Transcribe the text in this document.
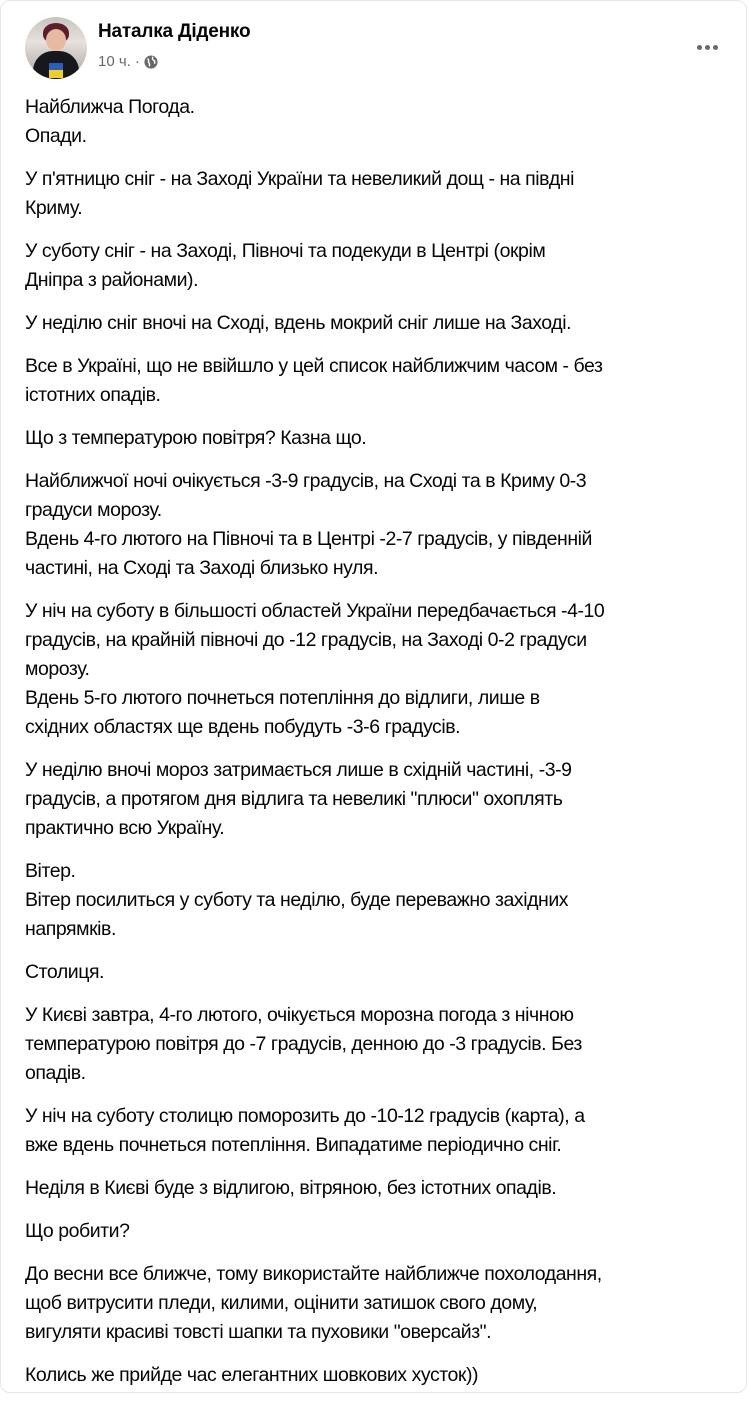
Наталка Діденко
10 ч. ·
Найближча Погода.
Опади.
У п'ятницю сніг - на Заході України та невеликий дощ - на півдні
Криму.
У суботу сніг - на Заході, Півночі та подекуди в Центрі (окрім
Дніпра з районами).
У неділю сніг вночі на Сході, вдень мокрий сніг лише на Заході.
Все в Україні, що не ввійшло у цей список найближчим часом - без
істотних опадів.
Що з температурою повітря? Казна що.
Найближчої ночі очікується -3-9 градусів, на Сході та в Криму 0-3
градуси морозу.
Вдень 4-го лютого на Півночі та в Центрі -2-7 градусів, у південній
частині, на Сході та Заході близько нуля.
У ніч на суботу в більшості областей України передбачається -4-10
градусів, на крайній півночі до -12 градусів, на Заході 0-2 градуси
морозу.
Вдень 5-го лютого почнеться потепління до відлиги, лише в
східних областях ще вдень побудуть -3-6 градусів.
У неділю вночі мороз затримається лише в східній частині, -3-9
градусів, а протягом дня відлига та невеликі "плюси" охоплять
практично всю Україну.
Вітер.
Вітер посилиться у суботу та неділю, буде переважно західних
напрямків.
Столиця.
У Києві завтра, 4-го лютого, очікується морозна погода з нічною
температурою повітря до -7 градусів, денною до -3 градусів. Без
опадів.
У ніч на суботу столицю поморозить до -10-12 градусів (карта), а
вже вдень почнеться потепління. Випадатиме періодично сніг.
Неділя в Києві буде з відлигою, вітряною, без істотних опадів.
Що робити?
До весни все ближче, тому використайте найближче похолодання,
щоб витрусити пледи, килими, оцінити затишок свого дому,
вигуляти красиві товсті шапки та пуховики "оверсайз".
Колись же прийде час елегантних шовкових хусток))
